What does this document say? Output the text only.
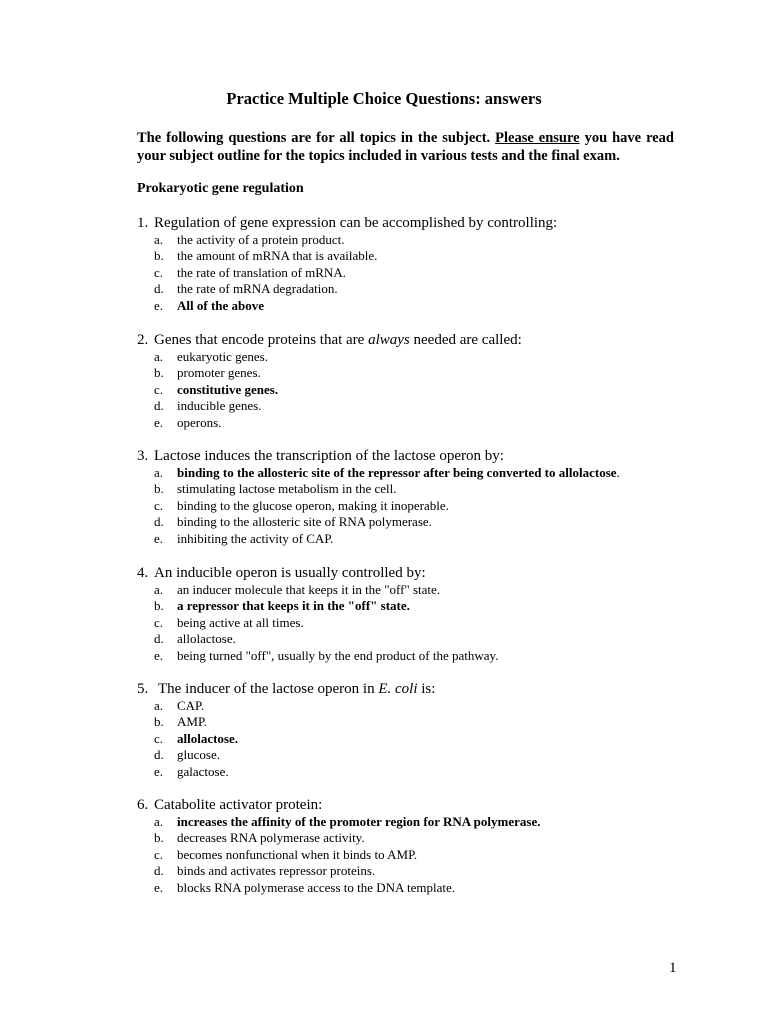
Practice Multiple Choice Questions: answers
The following questions are for all topics in the subject. Please ensure you have read your subject outline for the topics included in various tests and the final exam.
Prokaryotic gene regulation
1. Regulation of gene expression can be accomplished by controlling:
a. the activity of a protein product.
b. the amount of mRNA that is available.
c. the rate of translation of mRNA.
d. the rate of mRNA degradation.
e. All of the above
2. Genes that encode proteins that are always needed are called:
a. eukaryotic genes.
b. promoter genes.
c. constitutive genes.
d. inducible genes.
e. operons.
3. Lactose induces the transcription of the lactose operon by:
a. binding to the allosteric site of the repressor after being converted to allolactose.
b. stimulating lactose metabolism in the cell.
c. binding to the glucose operon, making it inoperable.
d. binding to the allosteric site of RNA polymerase.
e. inhibiting the activity of CAP.
4. An inducible operon is usually controlled by:
a. an inducer molecule that keeps it in the "off" state.
b. a repressor that keeps it in the "off" state.
c. being active at all times.
d. allolactose.
e. being turned "off", usually by the end product of the pathway.
5. The inducer of the lactose operon in E. coli is:
a. CAP.
b. AMP.
c. allolactose.
d. glucose.
e. galactose.
6. Catabolite activator protein:
a. increases the affinity of the promoter region for RNA polymerase.
b. decreases RNA polymerase activity.
c. becomes nonfunctional when it binds to AMP.
d. binds and activates repressor proteins.
e. blocks RNA polymerase access to the DNA template.
1
